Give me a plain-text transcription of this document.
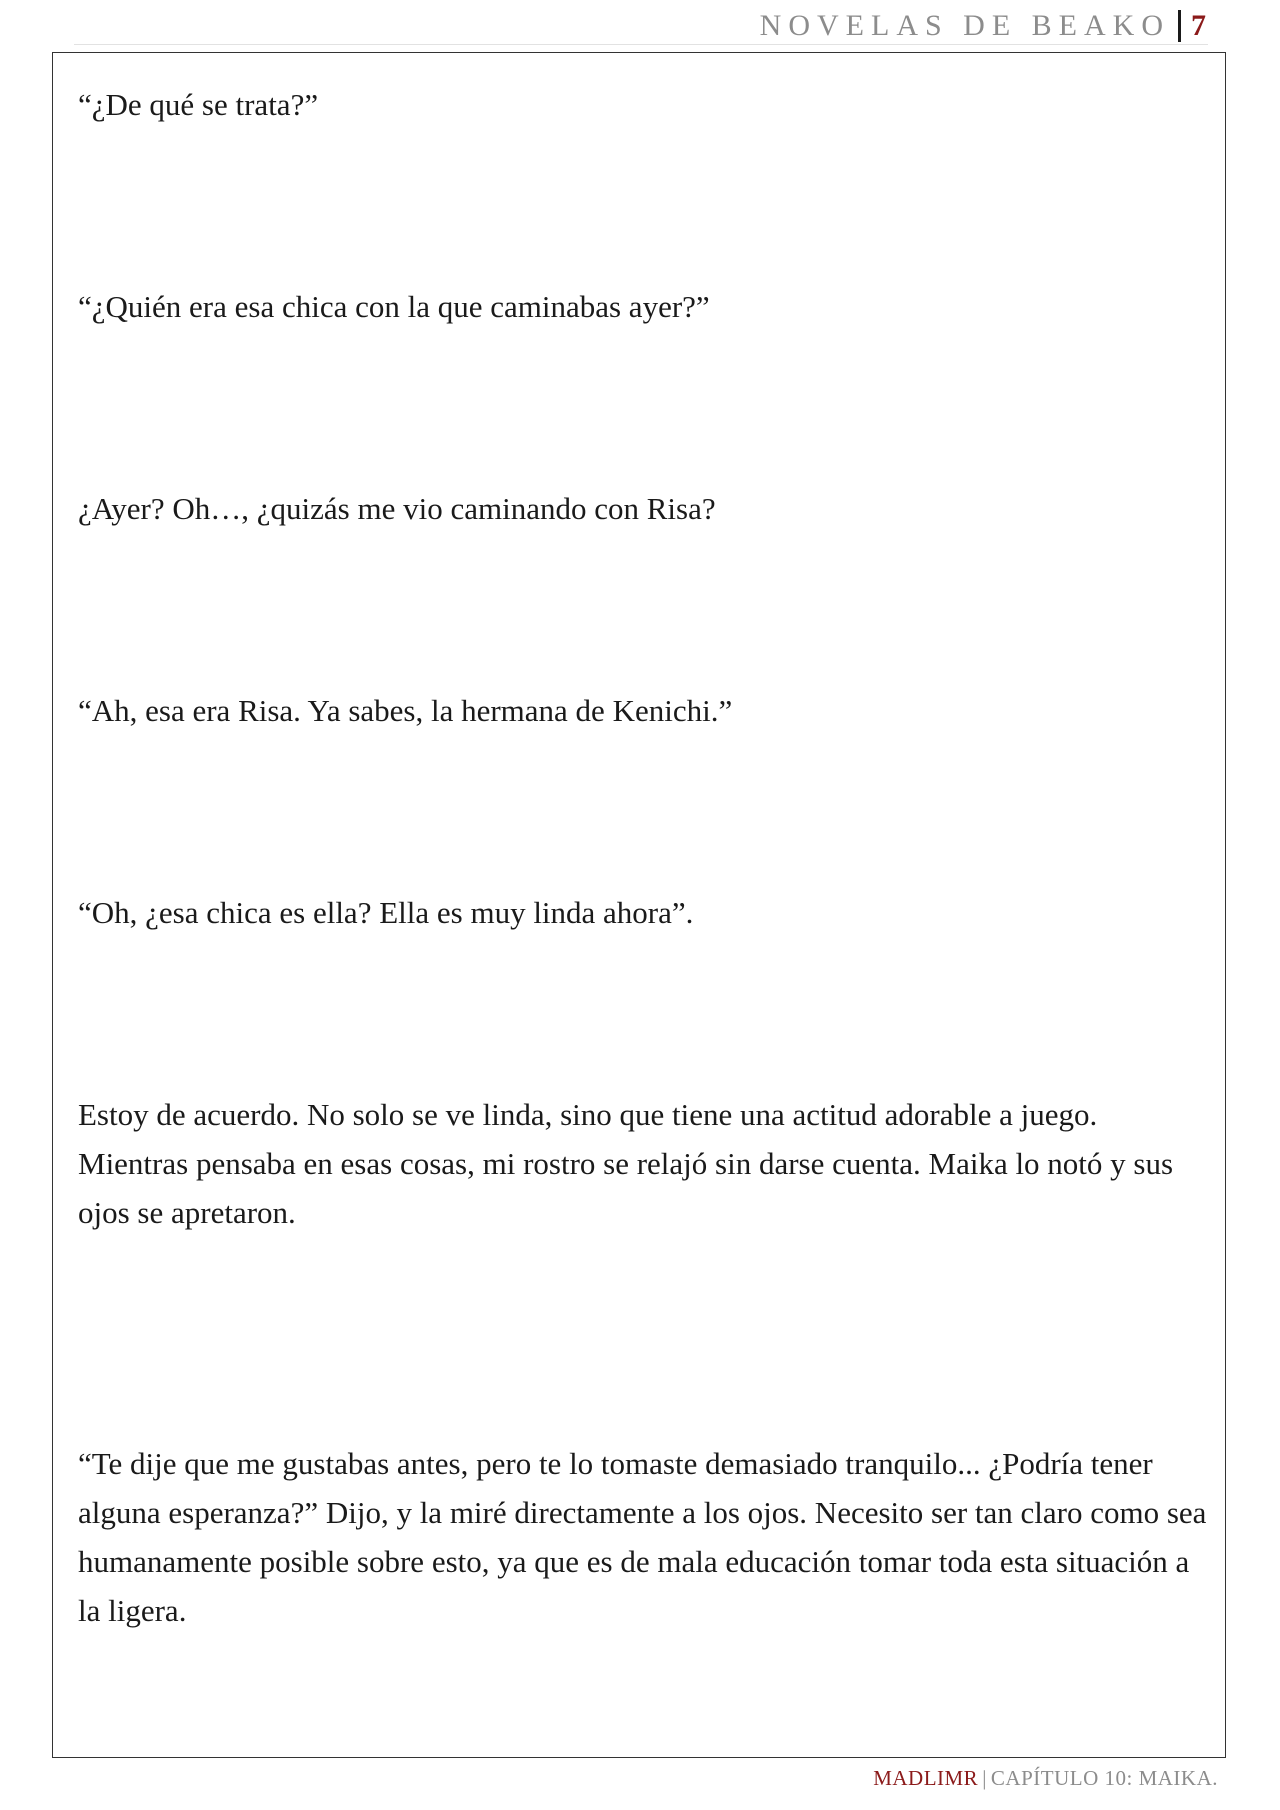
NOVELAS DE BEAKO 7

“¿De qué se trata?”

“¿Quién era esa chica con la que caminabas ayer?”

¿Ayer? Oh…, ¿quizás me vio caminando con Risa?

“Ah, esa era Risa. Ya sabes, la hermana de Kenichi.”

“Oh, ¿esa chica es ella? Ella es muy linda ahora”.

Estoy de acuerdo. No solo se ve linda, sino que tiene una actitud adorable a juego. Mientras pensaba en esas cosas, mi rostro se relajó sin darse cuenta. Maika lo notó y sus ojos se apretaron.

“Te dije que me gustabas antes, pero te lo tomaste demasiado tranquilo... ¿Podría tener alguna esperanza?” Dijo, y la miré directamente a los ojos. Necesito ser tan claro como sea humanamente posible sobre esto, ya que es de mala educación tomar toda esta situación a la ligera.

MADLIMR | CAPÍTULO 10: MAIKA.
